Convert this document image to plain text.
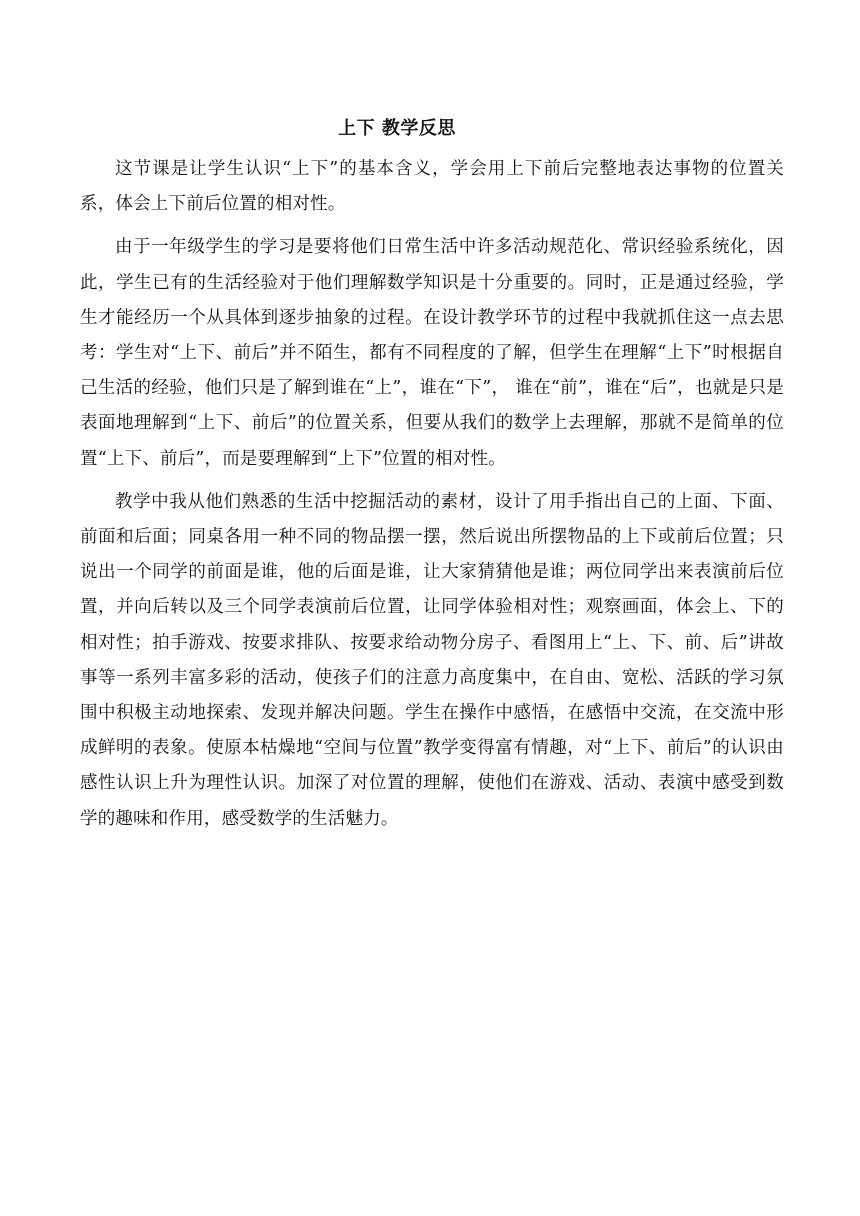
上下 教学反思

这节课是让学生认识“上下”的基本含义，学会用上下前后完整地表达事物的位置关系，体会上下前后位置的相对性。

由于一年级学生的学习是要将他们日常生活中许多活动规范化、常识经验系统化，因此，学生已有的生活经验对于他们理解数学知识是十分重要的。同时，正是通过经验，学生才能经历一个从具体到逐步抽象的过程。在设计教学环节的过程中我就抓住这一点去思考：学生对“上下、前后”并不陌生，都有不同程度的了解，但学生在理解“上下”时根据自己生活的经验，他们只是了解到谁在“上”，谁在“下”， 谁在“前”，谁在“后”，也就是只是表面地理解到“上下、前后”的位置关系，但要从我们的数学上去理解，那就不是简单的位置“上下、前后”，而是要理解到“上下”位置的相对性。

教学中我从他们熟悉的生活中挖掘活动的素材，设计了用手指出自己的上面、下面、前面和后面；同桌各用一种不同的物品摆一摆，然后说出所摆物品的上下或前后位置；只说出一个同学的前面是谁，他的后面是谁，让大家猜猜他是谁；两位同学出来表演前后位置，并向后转以及三个同学表演前后位置，让同学体验相对性；观察画面，体会上、下的相对性；拍手游戏、按要求排队、按要求给动物分房子、看图用上“上、下、前、后”讲故事等一系列丰富多彩的活动，使孩子们的注意力高度集中，在自由、宽松、活跃的学习氛围中积极主动地探索、发现并解决问题。学生在操作中感悟，在感悟中交流，在交流中形成鲜明的表象。使原本枯燥地“空间与位置”教学变得富有情趣，对“上下、前后”的认识由感性认识上升为理性认识。加深了对位置的理解，使他们在游戏、活动、表演中感受到数学的趣味和作用，感受数学的生活魅力。
